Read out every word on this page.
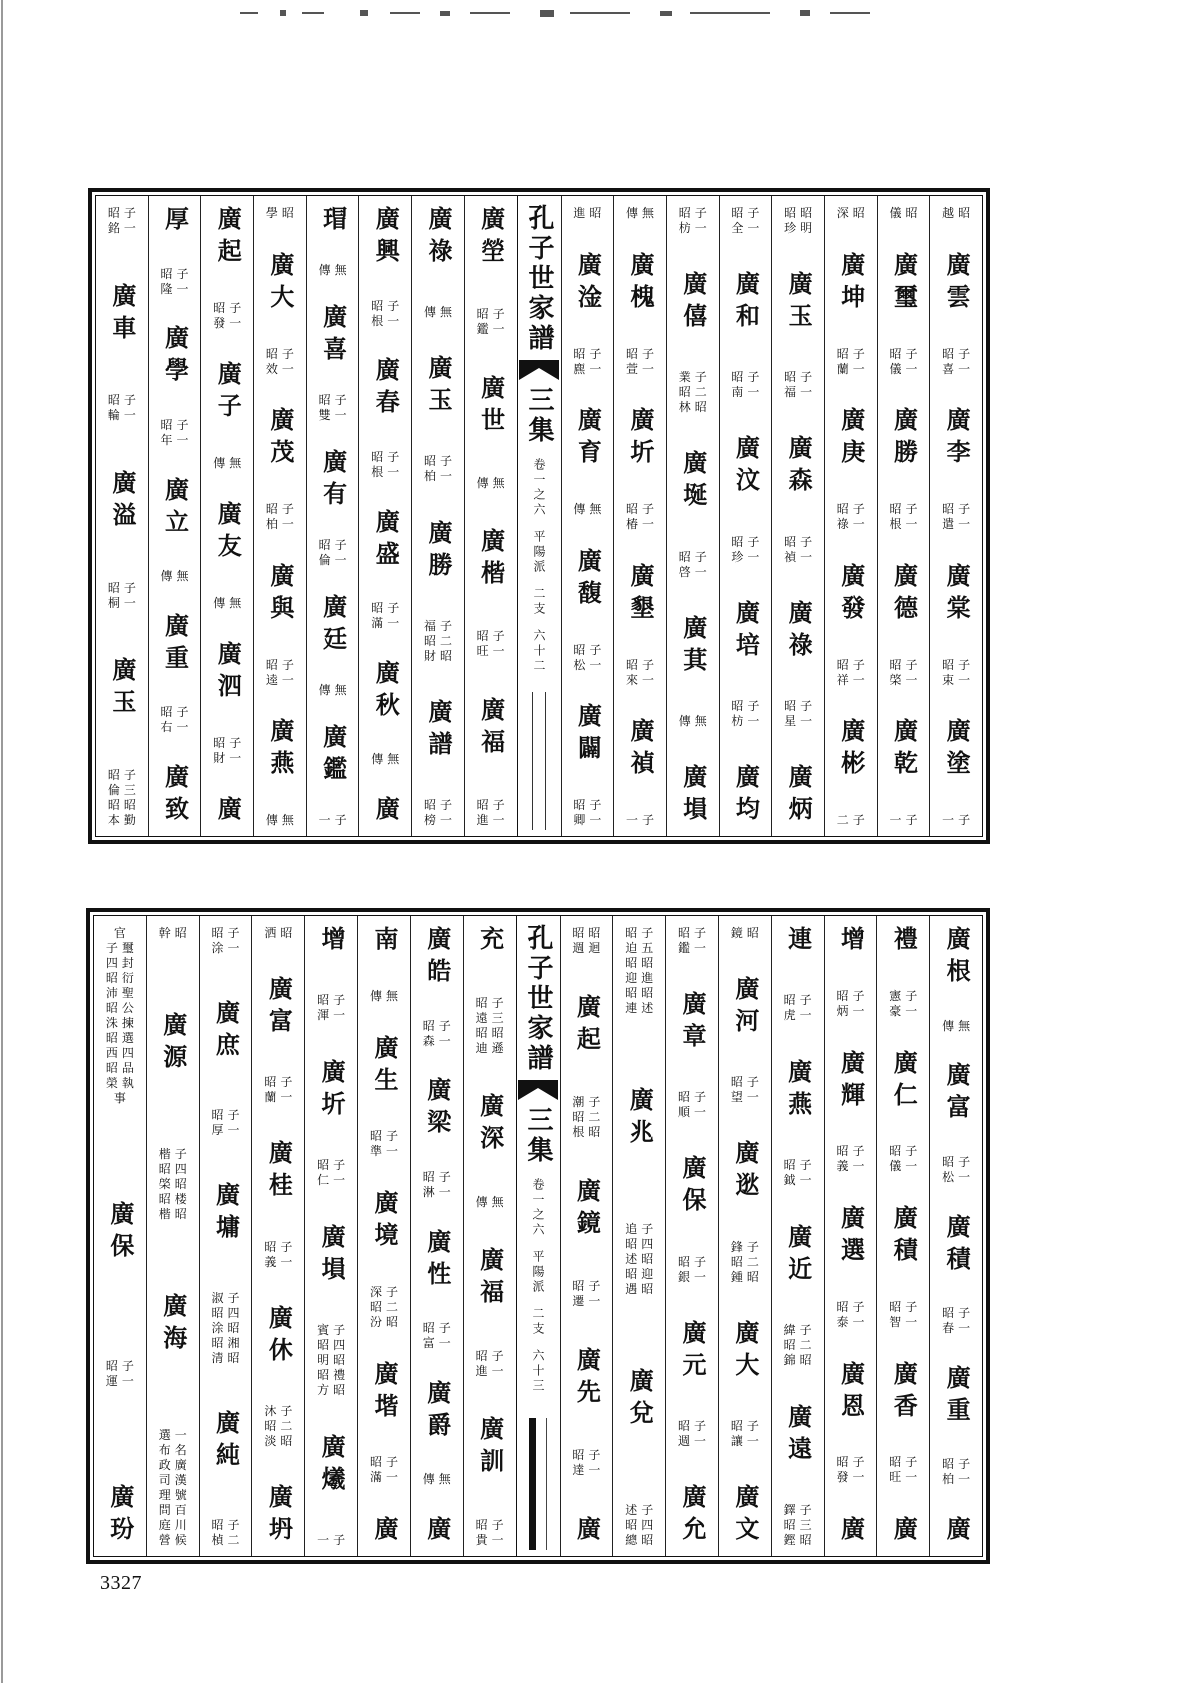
越昭
廣雲
昭子
喜一
廣李
昭子
遣一
廣棠
昭子
束一
廣塗
一子
儀昭
廣璽
昭子
儀一
廣勝
昭子
根一
廣德
昭子
棨一
廣乾
一子
深昭
廣坤
昭子
蘭一
廣庚
昭子
祿一
廣發
昭子
祥一
廣彬
二子
昭昭
珍明
廣玉
昭子
福一
廣森
昭子
禎一
廣祿
昭子
星一
廣炳
昭子
全一
廣和
昭子
南一
廣汶
昭子
珍一
廣培
昭子
枋一
廣均
昭子
枋一
廣僖
業子
昭二
林昭
廣埏
昭子
啓一
廣萁
傳無
廣塤
傳無
廣槐
昭子
萱一
廣圻
昭子
椿一
廣墾
昭子
來一
廣禎
一子
進昭
廣淦
昭子
麃一
廣育
傳無
廣馥
昭子
松一
廣闢
昭子
卿一
孔子世家譜
三集
卷一之六
平陽派
二支
六十二
廣塋
昭子
鑑一
廣世
傳無
廣楷
昭子
旺一
廣福
昭子
進一
廣祿
傳無
廣玉
昭子
柏一
廣勝
福子
昭二
財昭
廣譜
昭子
榜一
廣興
昭子
根一
廣春
昭子
根一
廣盛
昭子
滿一
廣秋
傳無
廣
瑁
傳無
廣喜
昭子
雙一
廣有
昭子
倫一
廣廷
傳無
廣鑑
一子
學昭
廣大
昭子
效一
廣茂
昭子
柏一
廣與
昭子
逵一
廣燕
傳無
廣起
昭子
發一
廣子
傳無
廣友
傳無
廣泗
昭子
財一
廣
厚
昭子
隆一
廣學
昭子
年一
廣立
傳無
廣重
昭子
右一
廣致
昭子
銘一
廣車
昭子
輪一
廣溢
昭子
桐一
廣玉
昭子
倫三
昭昭
本勤
廣根
傳無
廣富
昭子
松一
廣積
昭子
春一
廣重
昭子
柏一
廣
禮
憲子
豪一
廣仁
昭子
儀一
廣積
昭子
智一
廣香
昭子
旺一
廣
增
昭子
炳一
廣輝
昭子
義一
廣選
昭子
泰一
廣恩
昭子
發一
廣
連
昭子
虎一
廣燕
昭子
鉞一
廣近
緯子
昭二
錦昭
廣遠
鐸子
昭三
鏗昭
鏡昭
廣河
昭子
望一
廣逖
鋒子
昭二
鍾昭
廣大
昭子
讓一
廣文
昭子
鑑一
廣章
昭子
順一
廣保
昭子
銀一
廣元
昭子
週一
廣允
昭子
迫五
昭昭
迎進
昭昭
連述
廣兆
追子
昭四
述昭
昭迎
遇昭
廣兌
述子
昭四
總昭
昭昭
週迴
廣起
潮子
昭二
根昭
廣鏡
昭子
遷一
廣先
昭子
達一
廣
孔子世家譜
三集
卷一之六
平陽派
二支
六十三
充
昭子
遠三
昭昭
迪遜
廣深
傳無
廣福
昭子
進一
廣訓
昭子
貴一
廣皓
昭子
森一
廣梁
昭子
淋一
廣性
昭子
富一
廣爵
傳無
廣
南
傳無
廣生
昭子
準一
廣境
深子
昭二
汾昭
廣堦
昭子
滿一
廣
增
昭子
渾一
廣圻
昭子
仁一
廣塤
賓子
昭四
明昭
昭禮
方昭
廣爔
一子
洒昭
廣富
昭子
蘭一
廣桂
昭子
義一
廣休
沐子
昭二
淡昭
廣坍
昭子
涂一
廣庶
昭子
厚一
廣墉
淑子
昭四
涂昭
昭湘
清昭
廣純
昭子
楨二
幹昭
廣源
楷子
昭四
棨昭
昭楼
楷昭
廣海
選一
布名
政廣
司漢
理號
問百
庭川
營候
官
子璽
四封
昭衍
沛聖
昭公
洙揀
昭選
西四
昭品
榮執
事
廣保
昭子
運一
廣玢
3327
